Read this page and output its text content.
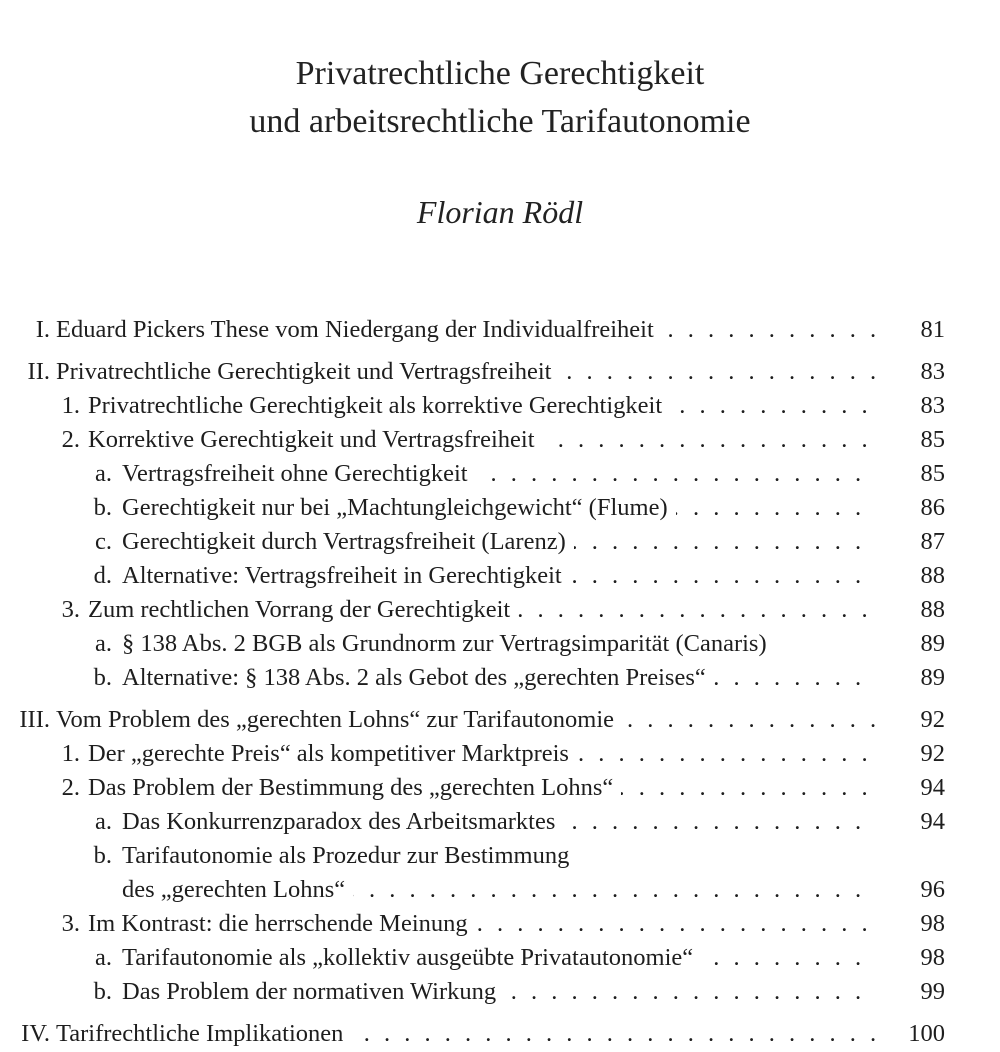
Privatrechtliche Gerechtigkeit
und arbeitsrechtliche Tarifautonomie
Florian Rödl
I. Eduard Pickers These vom Niedergang der Individualfreiheit . . .	81
II. Privatrechtliche Gerechtigkeit und Vertragsfreiheit . . .	83
1. Privatrechtliche Gerechtigkeit als korrektive Gerechtigkeit . . .	83
2. Korrektive Gerechtigkeit und Vertragsfreiheit . . .	85
a. Vertragsfreiheit ohne Gerechtigkeit . . .	85
b. Gerechtigkeit nur bei „Machtungleichgewicht“ (Flume) . . .	86
c. Gerechtigkeit durch Vertragsfreiheit (Larenz) . . .	87
d. Alternative: Vertragsfreiheit in Gerechtigkeit . . .	88
3. Zum rechtlichen Vorrang der Gerechtigkeit . . .	88
a. § 138 Abs. 2 BGB als Grundnorm zur Vertragsimparität (Canaris)	89
b. Alternative: § 138 Abs. 2 als Gebot des „gerechten Preises“ . . .	89
III. Vom Problem des „gerechten Lohns“ zur Tarifautonomie . . .	92
1. Der „gerechte Preis“ als kompetitiver Marktpreis . . .	92
2. Das Problem der Bestimmung des „gerechten Lohns“ . . .	94
a. Das Konkurrenzparadox des Arbeitsmarktes . . .	94
b. Tarifautonomie als Prozedur zur Bestimmung
des „gerechten Lohns“ . . .	96
3. Im Kontrast: die herrschende Meinung . . .	98
a. Tarifautonomie als „kollektiv ausgeübte Privatautonomie“ . . .	98
b. Das Problem der normativen Wirkung . . .	99
IV. Tarifrechtliche Implikationen . . .	100
